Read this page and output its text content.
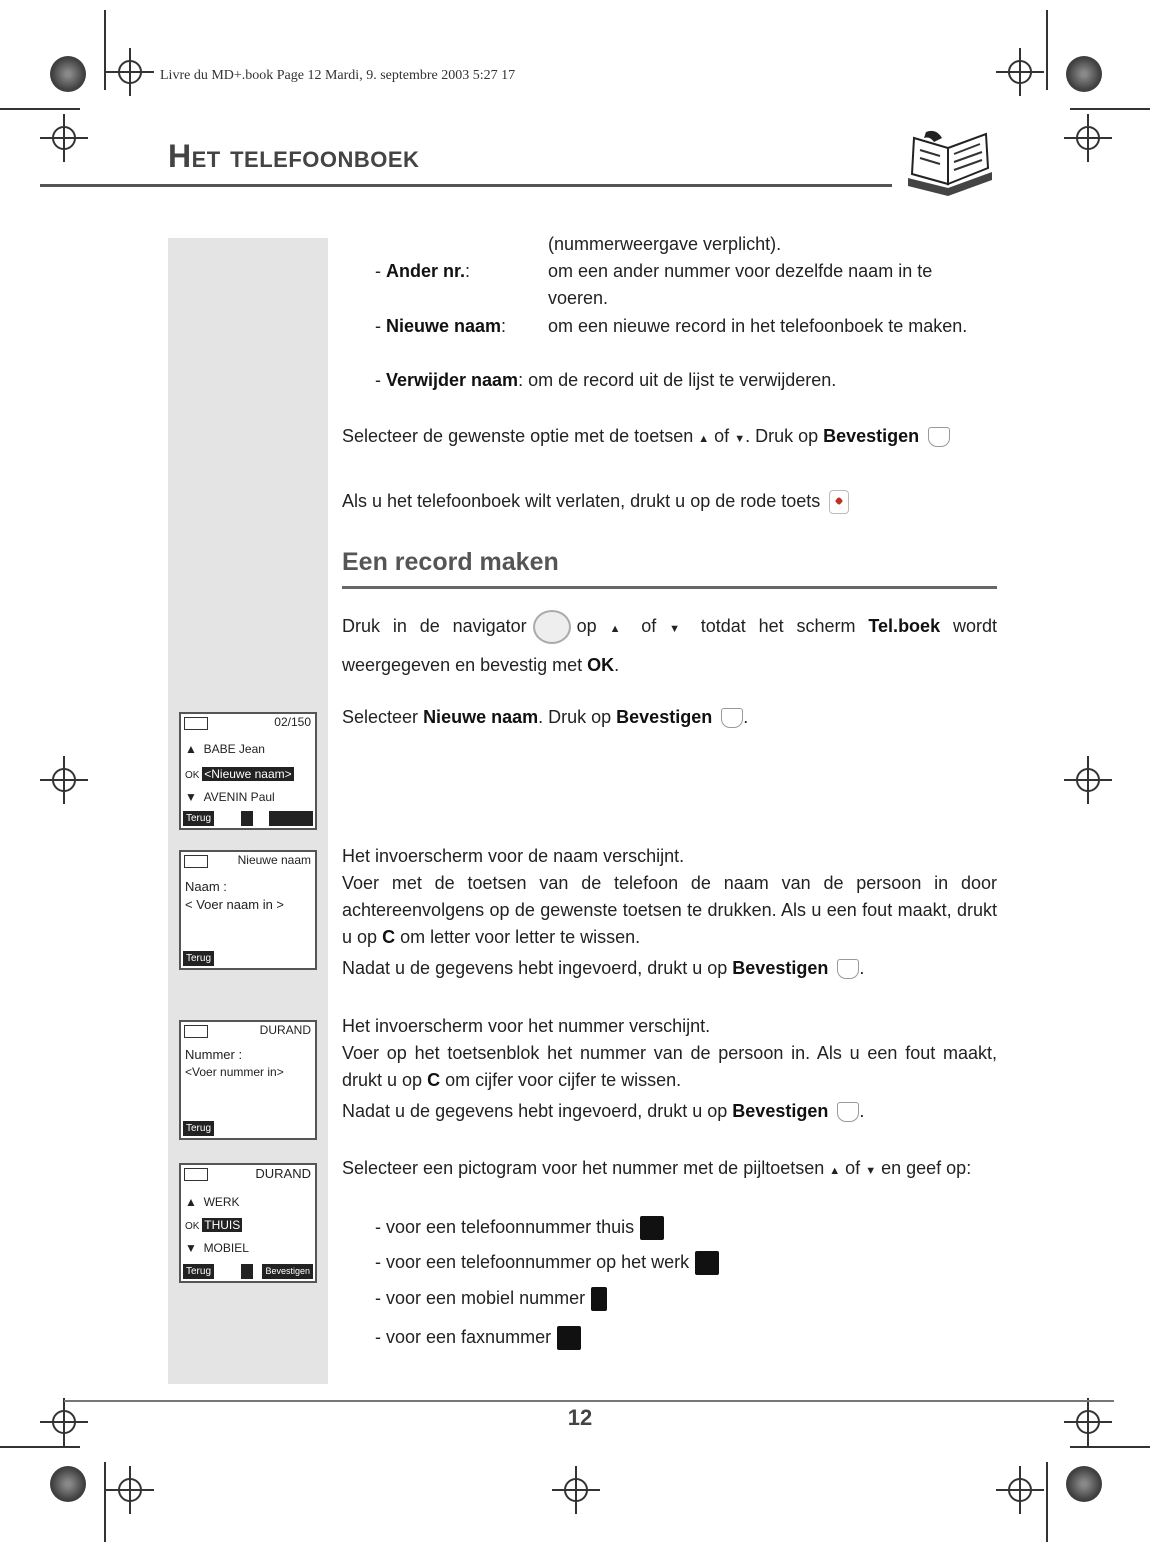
Livre du MD+.book Page 12 Mardi, 9. septembre 2003 5:27 17
Het telefoonboek
(nummerweergave verplicht).
- Ander nr.:	om een ander nummer voor dezelfde naam in te voeren.
- Nieuwe naam:	om een nieuwe record in het telefoonboek te maken.
- Verwijder naam: om de record uit de lijst te verwijderen.
Selecteer de gewenste optie met de toetsen ▲ of ▼. Druk op Bevestigen
Als u het telefoonboek wilt verlaten, drukt u op de rode toets
Een record maken
Druk in de navigator	op ▲ of ▼ totdat het scherm Tel.boek wordt weergegeven en bevestig met OK.
Selecteer Nieuwe naam. Druk op Bevestigen .
Het invoerscherm voor de naam verschijnt.
Voer met de toetsen van de telefoon de naam van de persoon in door achtereenvolgens op de gewenste toetsen te drukken. Als u een fout maakt, drukt u op C om letter voor letter te wissen.
Nadat u de gegevens hebt ingevoerd, drukt u op Bevestigen .
Het invoerscherm voor het nummer verschijnt.
Voer op het toetsenblok het nummer van de persoon in. Als u een fout maakt, drukt u op C om cijfer voor cijfer te wissen.
Nadat u de gegevens hebt ingevoerd, drukt u op Bevestigen .
Selecteer een pictogram voor het nummer met de pijltoetsen ▲ of ▼ en geef op:
- voor een telefoonnummer thuis
- voor een telefoonnummer op het werk
- voor een mobiel nummer
- voor een faxnummer
02/150
▲ BABE Jean
OK <Nieuwe naam>
▼ AVENIN Paul
Terug
Nieuwe naam
Naam :
< Voer naam in >
Terug
DURAND
Nummer :
<Voer nummer in>
Terug
DURAND
▲ WERK
OK THUIS
▼ MOBIEL
Terug	Bevestigen
12
